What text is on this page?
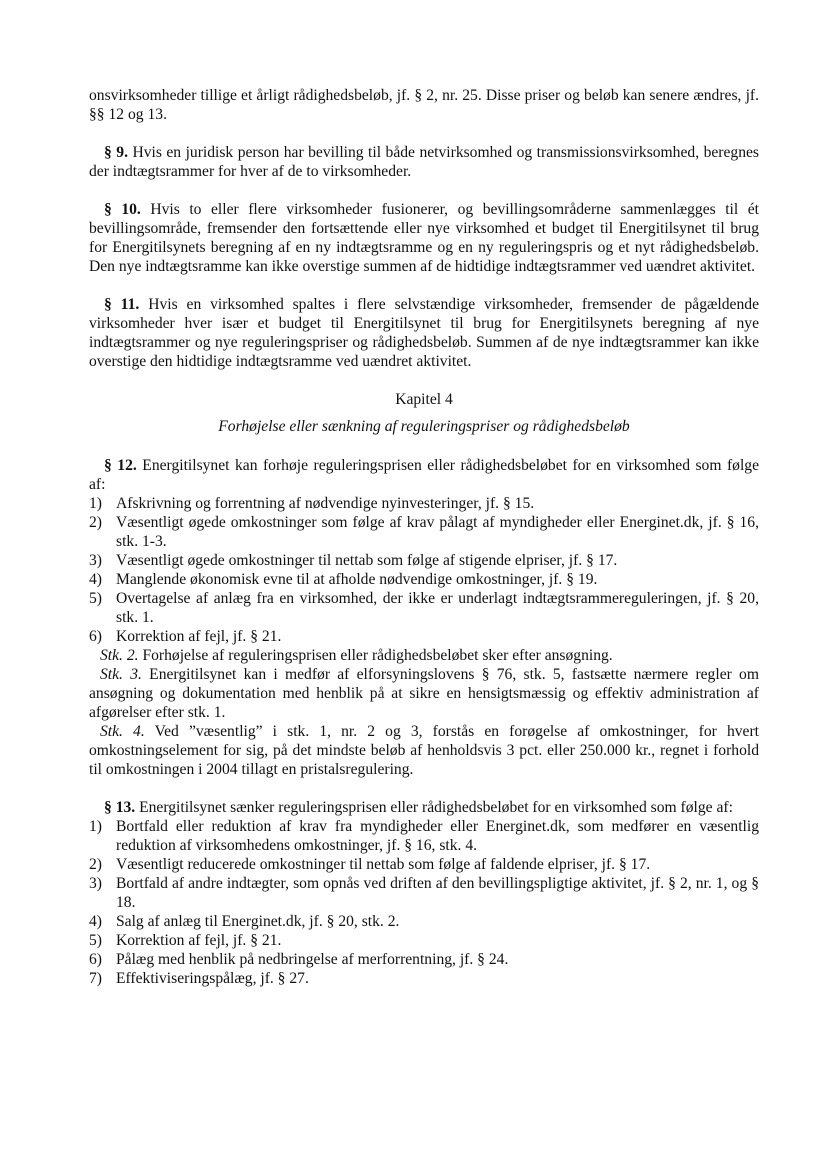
onsvirksomheder tillige et årligt rådighedsbeløb, jf. § 2, nr. 25. Disse priser og beløb kan senere ændres, jf. §§ 12 og 13.

§ 9. Hvis en juridisk person har bevilling til både netvirksomhed og transmissionsvirksomhed, beregnes der indtægtsrammer for hver af de to virksomheder.

§ 10. Hvis to eller flere virksomheder fusionerer, og bevillingsområderne sammenlægges til ét bevillingsområde, fremsender den fortsættende eller nye virksomhed et budget til Energitilsynet til brug for Energitilsynets beregning af en ny indtægtsramme og en ny reguleringspris og et nyt rådighedsbeløb. Den nye indtægtsramme kan ikke overstige summen af de hidtidige indtægtsrammer ved uændret aktivitet.

§ 11. Hvis en virksomhed spaltes i flere selvstændige virksomheder, fremsender de pågældende virksomheder hver især et budget til Energitilsynet til brug for Energitilsynets beregning af nye indtægtsrammer og nye reguleringspriser og rådighedsbeløb. Summen af de nye indtægtsrammer kan ikke overstige den hidtidige indtægtsramme ved uændret aktivitet.

Kapitel 4

Forhøjelse eller sænkning af reguleringspriser og rådighedsbeløb

§ 12. Energitilsynet kan forhøje reguleringsprisen eller rådighedsbeløbet for en virksomhed som følge af:

1) Afskrivning og forrentning af nødvendige nyinvesteringer, jf. § 15.
2) Væsentligt øgede omkostninger som følge af krav pålagt af myndigheder eller Energinet.dk, jf. § 16, stk. 1-3.
3) Væsentligt øgede omkostninger til nettab som følge af stigende elpriser, jf. § 17.
4) Manglende økonomisk evne til at afholde nødvendige omkostninger, jf. § 19.
5) Overtagelse af anlæg fra en virksomhed, der ikke er underlagt indtægtsrammereguleringen, jf. § 20, stk. 1.
6) Korrektion af fejl, jf. § 21.

Stk. 2. Forhøjelse af reguleringsprisen eller rådighedsbeløbet sker efter ansøgning.

Stk. 3. Energitilsynet kan i medfør af elforsyningslovens § 76, stk. 5, fastsætte nærmere regler om ansøgning og dokumentation med henblik på at sikre en hensigtsmæssig og effektiv administration af afgørelser efter stk. 1.

Stk. 4. Ved ”væsentlig” i stk. 1, nr. 2 og 3, forstås en forøgelse af omkostninger, for hvert omkostningselement for sig, på det mindste beløb af henholdsvis 3 pct. eller 250.000 kr., regnet i forhold til omkostningen i 2004 tillagt en pristalsregulering.

§ 13. Energitilsynet sænker reguleringsprisen eller rådighedsbeløbet for en virksomhed som følge af:

1) Bortfald eller reduktion af krav fra myndigheder eller Energinet.dk, som medfører en væsentlig reduktion af virksomhedens omkostninger, jf. § 16, stk. 4.
2) Væsentligt reducerede omkostninger til nettab som følge af faldende elpriser, jf. § 17.
3) Bortfald af andre indtægter, som opnås ved driften af den bevillingspligtige aktivitet, jf. § 2, nr. 1, og § 18.
4) Salg af anlæg til Energinet.dk, jf. § 20, stk. 2.
5) Korrektion af fejl, jf. § 21.
6) Pålæg med henblik på nedbringelse af merforrentning, jf. § 24.
7) Effektiviseringspålæg, jf. § 27.
